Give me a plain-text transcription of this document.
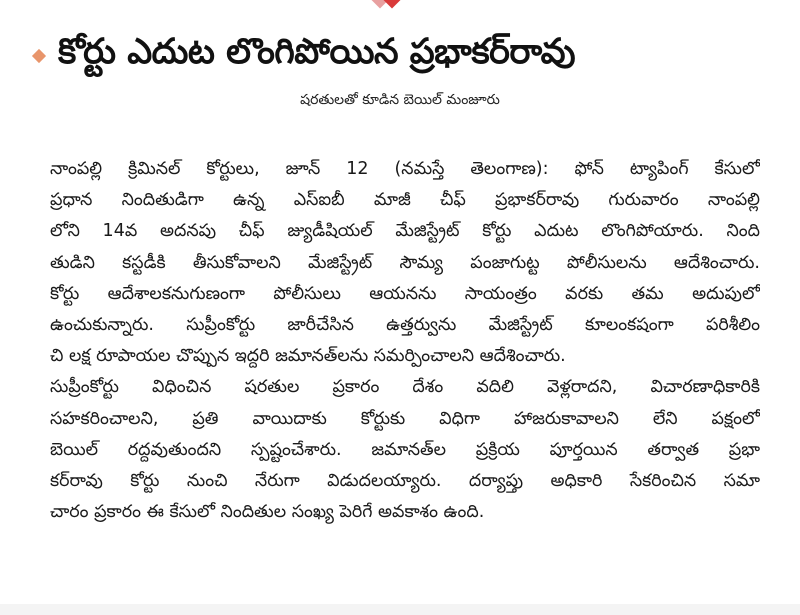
కోర్టు ఎదుట లొంగిపోయిన ప్రభాకర్‌రావు
షరతులతో కూడిన బెయిల్ మంజూరు
నాంపల్లి క్రిమినల్ కోర్టులు, జూన్ 12 (నమస్తే తెలంగాణ): ఫోన్ ట్యాపింగ్ కేసులో
ప్రధాన నిందితుడిగా ఉన్న ఎస్ఐబీ మాజీ చీఫ్ ప్రభాకర్‌రావు గురువారం నాంపల్లి
లోని 14వ అదనపు చీఫ్ జ్యుడీషియల్ మేజిస్ట్రేట్ కోర్టు ఎదుట లొంగిపోయారు. నింది
తుడిని కస్టడీకి తీసుకోవాలని మేజిస్ట్రేట్ సౌమ్య పంజాగుట్ట పోలీసులను ఆదేశించారు.
కోర్టు ఆదేశాలకనుగుణంగా పోలీసులు ఆయనను సాయంత్రం వరకు తమ అదుపులో
ఉంచుకున్నారు. సుప్రీంకోర్టు జారీచేసిన ఉత్తర్వును మేజిస్ట్రేట్ కూలంకషంగా పరిశీలిం
చి లక్ష రూపాయల చొప్పున ఇద్దరి జమానత్‌లను సమర్పించాలని ఆదేశించారు.
సుప్రీంకోర్టు విధించిన షరతుల ప్రకారం దేశం వదిలి వెళ్లరాదని, విచారణాధికారికి
సహకరించాలని, ప్రతి వాయిదాకు కోర్టుకు విధిగా హాజరుకావాలని లేని పక్షంలో
బెయిల్ రద్దవుతుందని స్పష్టంచేశారు. జమానత్‌ల ప్రక్రియ పూర్తయిన తర్వాత ప్రభా
కర్‌రావు కోర్టు నుంచి నేరుగా విడుదలయ్యారు. దర్యాప్తు అధికారి సేకరించిన సమా
చారం ప్రకారం ఈ కేసులో నిందితుల సంఖ్య పెరిగే అవకాశం ఉంది.
